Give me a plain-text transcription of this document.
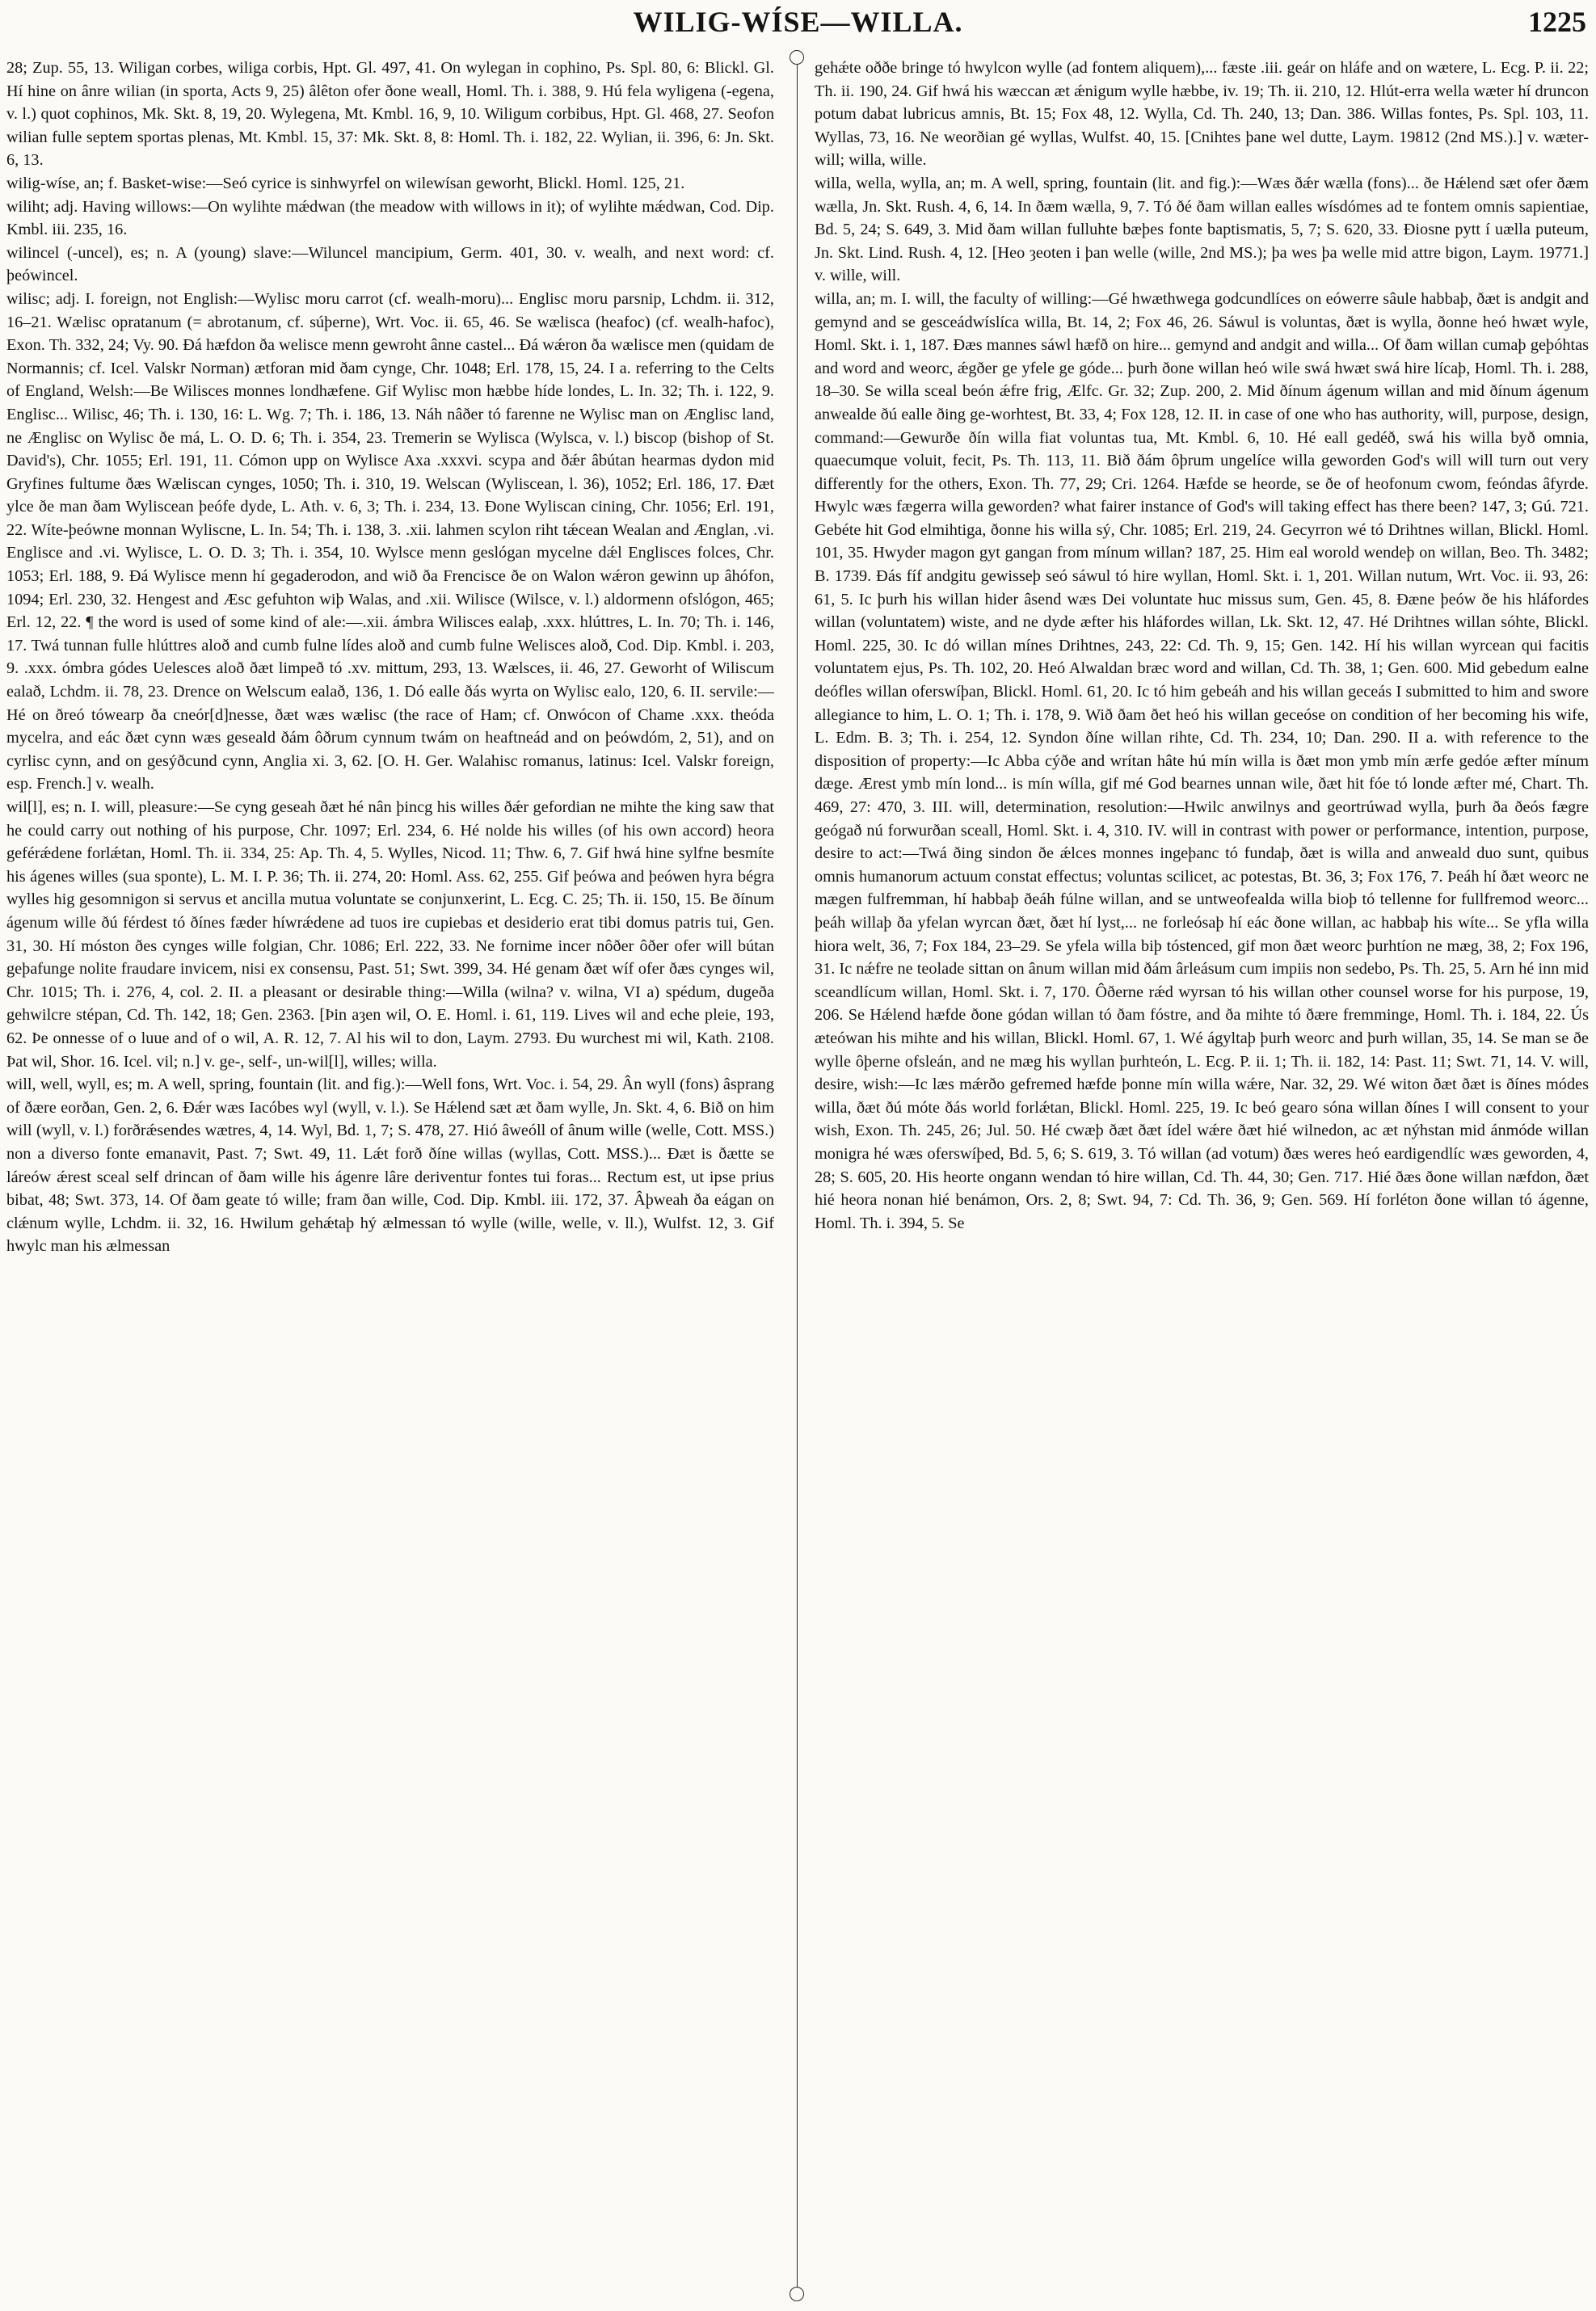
WILIG-WÍSE—WILLA.	1225

28; Zup. 55, 13. Wiligan corbes, wiliga corbis, Hpt. Gl. 497, 41. On wylegan in cophino, Ps. Spl. 80, 6: Blickl. Gl. Hí hine on ânre wilian (in sporta, Acts 9, 25) âlêton ofer ðone weall, Homl. Th. i. 388, 9. Hú fela wyligena (-egena, v. l.) quot cophinos, Mk. Skt. 8, 19, 20. Wylegena, Mt. Kmbl. 16, 9, 10. Wiligum corbibus, Hpt. Gl. 468, 27. Seofon wilian fulle septem sportas plenas, Mt. Kmbl. 15, 37: Mk. Skt. 8, 8: Homl. Th. i. 182, 22. Wylian, ii. 396, 6: Jn. Skt. 6, 13.

wilig-wíse, an; f. Basket-wise:—Seó cyrice is sinhwyrfel on wilewísan geworht, Blickl. Homl. 125, 21.

wiliht; adj. Having willows:—On wylihte mǽdwan (the meadow with willows in it); of wylihte mǽdwan, Cod. Dip. Kmbl. iii. 235, 16.

wilincel (-uncel), es; n. A (young) slave:—Wiluncel mancipium, Germ. 401, 30. v. wealh, and next word: cf. þeówincel.

wilisc; adj. I. foreign, not English:—Wylisc moru carrot (cf. wealh-moru)... Englisc moru parsnip, Lchdm. ii. 312, 16–21. Wælisc opratanum (= abrotanum, cf. súþerne), Wrt. Voc. ii. 65, 46. Se wælisca (heafoc) (cf. wealh-hafoc), Exon. Th. 332, 24; Vy. 90. Ðá hæfdon ða welisce menn gewroht ânne castel... Ðá wǽron ða wælisce men (quidam de Normannis; cf. Icel. Valskr Norman) ætforan mid ðam cynge, Chr. 1048; Erl. 178, 15, 24. I a. referring to the Celts of England, Welsh:—Be Wilisces monnes londhæfene. Gif Wylisc mon hæbbe híde londes, L. In. 32; Th. i. 122, 9. Englisc... Wilisc, 46; Th. i. 130, 16: L. Wg. 7; Th. i. 186, 13. Náh nâðer tó farenne ne Wylisc man on Ænglisc land, ne Ænglisc on Wylisc ðe má, L. O. D. 6; Th. i. 354, 23. Tremerin se Wylisca (Wylsca, v. l.) biscop (bishop of St. David's), Chr. 1055; Erl. 191, 11. Cómon upp on Wylisce Axa .xxxvi. scypa and ðǽr âbútan hearmas dydon mid Gryfines fultume ðæs Wæliscan cynges, 1050; Th. i. 310, 19. Welscan (Wyliscean, l. 36), 1052; Erl. 186, 17. Ðæt ylce ðe man ðam Wyliscean þeófe dyde, L. Ath. v. 6, 3; Th. i. 234, 13. Ðone Wyliscan cining, Chr. 1056; Erl. 191, 22. Wíte-þeówne monnan Wyliscne, L. In. 54; Th. i. 138, 3. .xii. lahmen scylon riht tǽcean Wealan and Ænglan, .vi. Englisce and .vi. Wylisce, L. O. D. 3; Th. i. 354, 10. Wylsce menn geslógan mycelne dǽl Englisces folces, Chr. 1053; Erl. 188, 9. Ðá Wylisce menn hí gegaderodon, and wið ða Frencisce ðe on Walon wǽron gewinn up âhófon, 1094; Erl. 230, 32. Hengest and Æsc gefuhton wiþ Walas, and .xii. Wilisce (Wilsce, v. l.) aldormenn ofslógon, 465; Erl. 12, 22. ¶ the word is used of some kind of ale:—.xii. ámbra Wilisces ealaþ, .xxx. hlúttres, L. In. 70; Th. i. 146, 17. Twá tunnan fulle hlúttres aloð and cumb fulne lídes aloð and cumb fulne Welisces aloð, Cod. Dip. Kmbl. i. 203, 9. .xxx. ómbra gódes Uelesces aloð ðæt limpeð tó .xv. mittum, 293, 13. Wælsces, ii. 46, 27. Geworht of Wiliscum ealað, Lchdm. ii. 78, 23. Drence on Welscum ealað, 136, 1. Dó ealle ðás wyrta on Wylisc ealo, 120, 6. II. servile:—Hé on ðreó tówearp ða cneór[d]nesse, ðæt wæs wælisc (the race of Ham; cf. Onwócon of Chame .xxx. theóda mycelra, and eác ðæt cynn wæs geseald ðám ôðrum cynnum twám on heaftneád and on þeówdóm, 2, 51), and on cyrlisc cynn, and on gesýðcund cynn, Anglia xi. 3, 62. [O. H. Ger. Walahisc romanus, latinus: Icel. Valskr foreign, esp. French.] v. wealh.

wil[l], es; n. I. will, pleasure:—Se cyng geseah ðæt hé nân þincg his willes ðǽr gefordian ne mihte the king saw that he could carry out nothing of his purpose, Chr. 1097; Erl. 234, 6. Hé nolde his willes (of his own accord) heora geférǽdene forlǽtan, Homl. Th. ii. 334, 25: Ap. Th. 4, 5. Wylles, Nicod. 11; Thw. 6, 7. Gif hwá hine sylfne besmíte his ágenes willes (sua sponte), L. M. I. P. 36; Th. ii. 274, 20: Homl. Ass. 62, 255. Gif þeówa and þeówen hyra bégra wylles hig gesomnigon si servus et ancilla mutua voluntate se conjunxerint, L. Ecg. C. 25; Th. ii. 150, 15. Be ðínum ágenum wille ðú férdest tó ðínes fæder híwrǽdene ad tuos ire cupiebas et desiderio erat tibi domus patris tui, Gen. 31, 30. Hí móston ðes cynges wille folgian, Chr. 1086; Erl. 222, 33. Ne fornime incer nôðer ôðer ofer will bútan geþafunge nolite fraudare invicem, nisi ex consensu, Past. 51; Swt. 399, 34. Hé genam ðæt wíf ofer ðæs cynges wil, Chr. 1015; Th. i. 276, 4, col. 2. II. a pleasant or desirable thing:—Willa (wilna? v. wilna, VI a) spédum, dugeða gehwilcre stépan, Cd. Th. 142, 18; Gen. 2363. [Þin aȝen wil, O. E. Homl. i. 61, 119. Lives wil and eche pleie, 193, 62. Þe onnesse of o luue and of o wil, A. R. 12, 7. Al his wil to don, Laym. 2793. Ðu wurchest mi wil, Kath. 2108. Þat wil, Shor. 16. Icel. vil; n.] v. ge-, self-, un-wil[l], willes; willa.

will, well, wyll, es; m. A well, spring, fountain (lit. and fig.):—Well fons, Wrt. Voc. i. 54, 29. Ân wyll (fons) âsprang of ðære eorðan, Gen. 2, 6. Ðǽr wæs Iacóbes wyl (wyll, v. l.). Se Hǽlend sæt æt ðam wylle, Jn. Skt. 4, 6. Bið on him will (wyll, v. l.) forðrǽsendes wætres, 4, 14. Wyl, Bd. 1, 7; S. 478, 27. Hió âweóll of ânum wille (welle, Cott. MSS.) non a diverso fonte emanavit, Past. 7; Swt. 49, 11. Lǽt forð ðíne willas (wyllas, Cott. MSS.)... Ðæt is ðætte se láreów ǽrest sceal self drincan of ðam wille his ágenre lâre deriventur fontes tui foras... Rectum est, ut ipse prius bibat, 48; Swt. 373, 14. Of ðam geate tó wille; fram ðan wille, Cod. Dip. Kmbl. iii. 172, 37. Âþweah ða eágan on clǽnum wylle, Lchdm. ii. 32, 16. Hwilum gehǽtaþ hý ælmessan tó wylle (wille, welle, v. ll.), Wulfst. 12, 3. Gif hwylc man his ælmessan

gehǽte oððe bringe tó hwylcon wylle (ad fontem aliquem),... fæste .iii. geár on hláfe and on wætere, L. Ecg. P. ii. 22; Th. ii. 190, 24. Gif hwá his wæccan æt ǽnigum wylle hæbbe, iv. 19; Th. ii. 210, 12. Hlút-erra wella wæter hí druncon potum dabat lubricus amnis, Bt. 15; Fox 48, 12. Wylla, Cd. Th. 240, 13; Dan. 386. Willas fontes, Ps. Spl. 103, 11. Wyllas, 73, 16. Ne weorðian gé wyllas, Wulfst. 40, 15. [Cnihtes þane wel dutte, Laym. 19812 (2nd MS.).] v. wæter-will; willa, wille.

willa, wella, wylla, an; m. A well, spring, fountain (lit. and fig.):—Wæs ðǽr wælla (fons)... ðe Hǽlend sæt ofer ðæm wælla, Jn. Skt. Rush. 4, 6, 14. In ðæm wælla, 9, 7. Tó ðé ðam willan ealles wísdómes ad te fontem omnis sapientiae, Bd. 5, 24; S. 649, 3. Mid ðam willan fulluhte bæþes fonte baptismatis, 5, 7; S. 620, 33. Ðiosne pytt í uælla puteum, Jn. Skt. Lind. Rush. 4, 12. [Heo ȝeoten i þan welle (wille, 2nd MS.); þa wes þa welle mid attre bigon, Laym. 19771.] v. wille, will.

willa, an; m. I. will, the faculty of willing:—Gé hwæthwega godcundlíces on eówerre sâule habbaþ, ðæt is andgit and gemynd and se gesceádwíslíca willa, Bt. 14, 2; Fox 46, 26. Sáwul is voluntas, ðæt is wylla, ðonne heó hwæt wyle, Homl. Skt. i. 1, 187. Ðæs mannes sáwl hæfð on hire... gemynd and andgit and willa... Of ðam willan cumaþ geþóhtas and word and weorc, ǽgðer ge yfele ge góde... þurh ðone willan heó wile swá hwæt swá hire lícaþ, Homl. Th. i. 288, 18–30. Se willa sceal beón ǽfre frig, Ælfc. Gr. 32; Zup. 200, 2. Mid ðínum ágenum willan and mid ðínum ágenum anwealde ðú ealle ðing ge-worhtest, Bt. 33, 4; Fox 128, 12. II. in case of one who has authority, will, purpose, design, command:—Gewurðe ðín willa fiat voluntas tua, Mt. Kmbl. 6, 10. Hé eall gedéð, swá his willa byð omnia, quaecumque voluit, fecit, Ps. Th. 113, 11. Bið ðám ôþrum ungelíce willa geworden God's will will turn out very differently for the others, Exon. Th. 77, 29; Cri. 1264. Hæfde se heorde, se ðe of heofonum cwom, feóndas âfyrde. Hwylc wæs fægerra willa geworden? what fairer instance of God's will taking effect has there been? 147, 3; Gú. 721. Gebéte hit God elmihtiga, ðonne his willa sý, Chr. 1085; Erl. 219, 24. Gecyrron wé tó Drihtnes willan, Blickl. Homl. 101, 35. Hwyder magon gyt gangan from mínum willan? 187, 25. Him eal worold wendeþ on willan, Beo. Th. 3482; B. 1739. Ðás fíf andgitu gewisseþ seó sáwul tó hire wyllan, Homl. Skt. i. 1, 201. Willan nutum, Wrt. Voc. ii. 93, 26: 61, 5. Ic þurh his willan hider âsend wæs Dei voluntate huc missus sum, Gen. 45, 8. Ðæne þeów ðe his hláfordes willan (voluntatem) wiste, and ne dyde æfter his hláfordes willan, Lk. Skt. 12, 47. Hé Drihtnes willan sóhte, Blickl. Homl. 225, 30. Ic dó willan mínes Drihtnes, 243, 22: Cd. Th. 9, 15; Gen. 142. Hí his willan wyrcean qui facitis voluntatem ejus, Ps. Th. 102, 20. Heó Alwaldan bræc word and willan, Cd. Th. 38, 1; Gen. 600. Mid gebedum ealne deófles willan oferswíþan, Blickl. Homl. 61, 20. Ic tó him gebeáh and his willan geceás I submitted to him and swore allegiance to him, L. O. 1; Th. i. 178, 9. Wið ðam ðet heó his willan geceóse on condition of her becoming his wife, L. Edm. B. 3; Th. i. 254, 12. Syndon ðíne willan rihte, Cd. Th. 234, 10; Dan. 290. II a. with reference to the disposition of property:—Ic Abba cýðe and wrítan hâte hú mín willa is ðæt mon ymb mín ærfe gedóe æfter mínum dæge. Ærest ymb mín lond... is mín wílla, gif mé God bearnes unnan wile, ðæt hit fóe tó londe æfter mé, Chart. Th. 469, 27: 470, 3. III. will, determination, resolution:—Hwilc anwilnys and geortrúwad wylla, þurh ða ðeós fægre geógað nú forwurðan sceall, Homl. Skt. i. 4, 310. IV. will in contrast with power or performance, intention, purpose, desire to act:—Twá ðing sindon ðe ǽlces monnes ingeþanc tó fundaþ, ðæt is willa and anweald duo sunt, quibus omnis humanorum actuum constat effectus; voluntas scilicet, ac potestas, Bt. 36, 3; Fox 176, 7. Þeáh hí ðæt weorc ne mægen fulfremman, hí habbaþ ðeáh fúlne willan, and se untweofealda willa bioþ tó tellenne for fullfremod weorc... þeáh willaþ ða yfelan wyrcan ðæt, ðæt hí lyst,... ne forleósaþ hí eác ðone willan, ac habbaþ his wíte... Se yfla willa hiora welt, 36, 7; Fox 184, 23–29. Se yfela willa biþ tóstenced, gif mon ðæt weorc þurhtíon ne mæg, 38, 2; Fox 196, 31. Ic nǽfre ne teolade sittan on ânum willan mid ðám ârleásum cum impiis non sedebo, Ps. Th. 25, 5. Arn hé inn mid sceandlícum willan, Homl. Skt. i. 7, 170. Ôðerne rǽd wyrsan tó his willan other counsel worse for his purpose, 19, 206. Se Hǽlend hæfde ðone gódan willan tó ðam fóstre, and ða mihte tó ðære fremminge, Homl. Th. i. 184, 22. Ús æteówan his mihte and his willan, Blickl. Homl. 67, 1. Wé ágyltaþ þurh weorc and þurh willan, 35, 14. Se man se ðe wylle ôþerne ofsleán, and ne mæg his wyllan þurhteón, L. Ecg. P. ii. 1; Th. ii. 182, 14: Past. 11; Swt. 71, 14. V. will, desire, wish:—Ic læs mǽrðo gefremed hæfde þonne mín willa wǽre, Nar. 32, 29. Wé witon ðæt ðæt is ðínes módes willa, ðæt ðú móte ðás world forlǽtan, Blickl. Homl. 225, 19. Ic beó gearo sóna willan ðínes I will consent to your wish, Exon. Th. 245, 26; Jul. 50. Hé cwæþ ðæt ðæt ídel wǽre ðæt hié wilnedon, ac æt nýhstan mid ánmóde willan monigra hé wæs oferswíþed, Bd. 5, 6; S. 619, 3. Tó willan (ad votum) ðæs weres heó eardigendlíc wæs geworden, 4, 28; S. 605, 20. His heorte ongann wendan tó hire willan, Cd. Th. 44, 30; Gen. 717. Hié ðæs ðone willan næfdon, ðæt hié heora nonan hié benámon, Ors. 2, 8; Swt. 94, 7: Cd. Th. 36, 9; Gen. 569. Hí forléton ðone willan tó ágenne, Homl. Th. i. 394, 5. Se
